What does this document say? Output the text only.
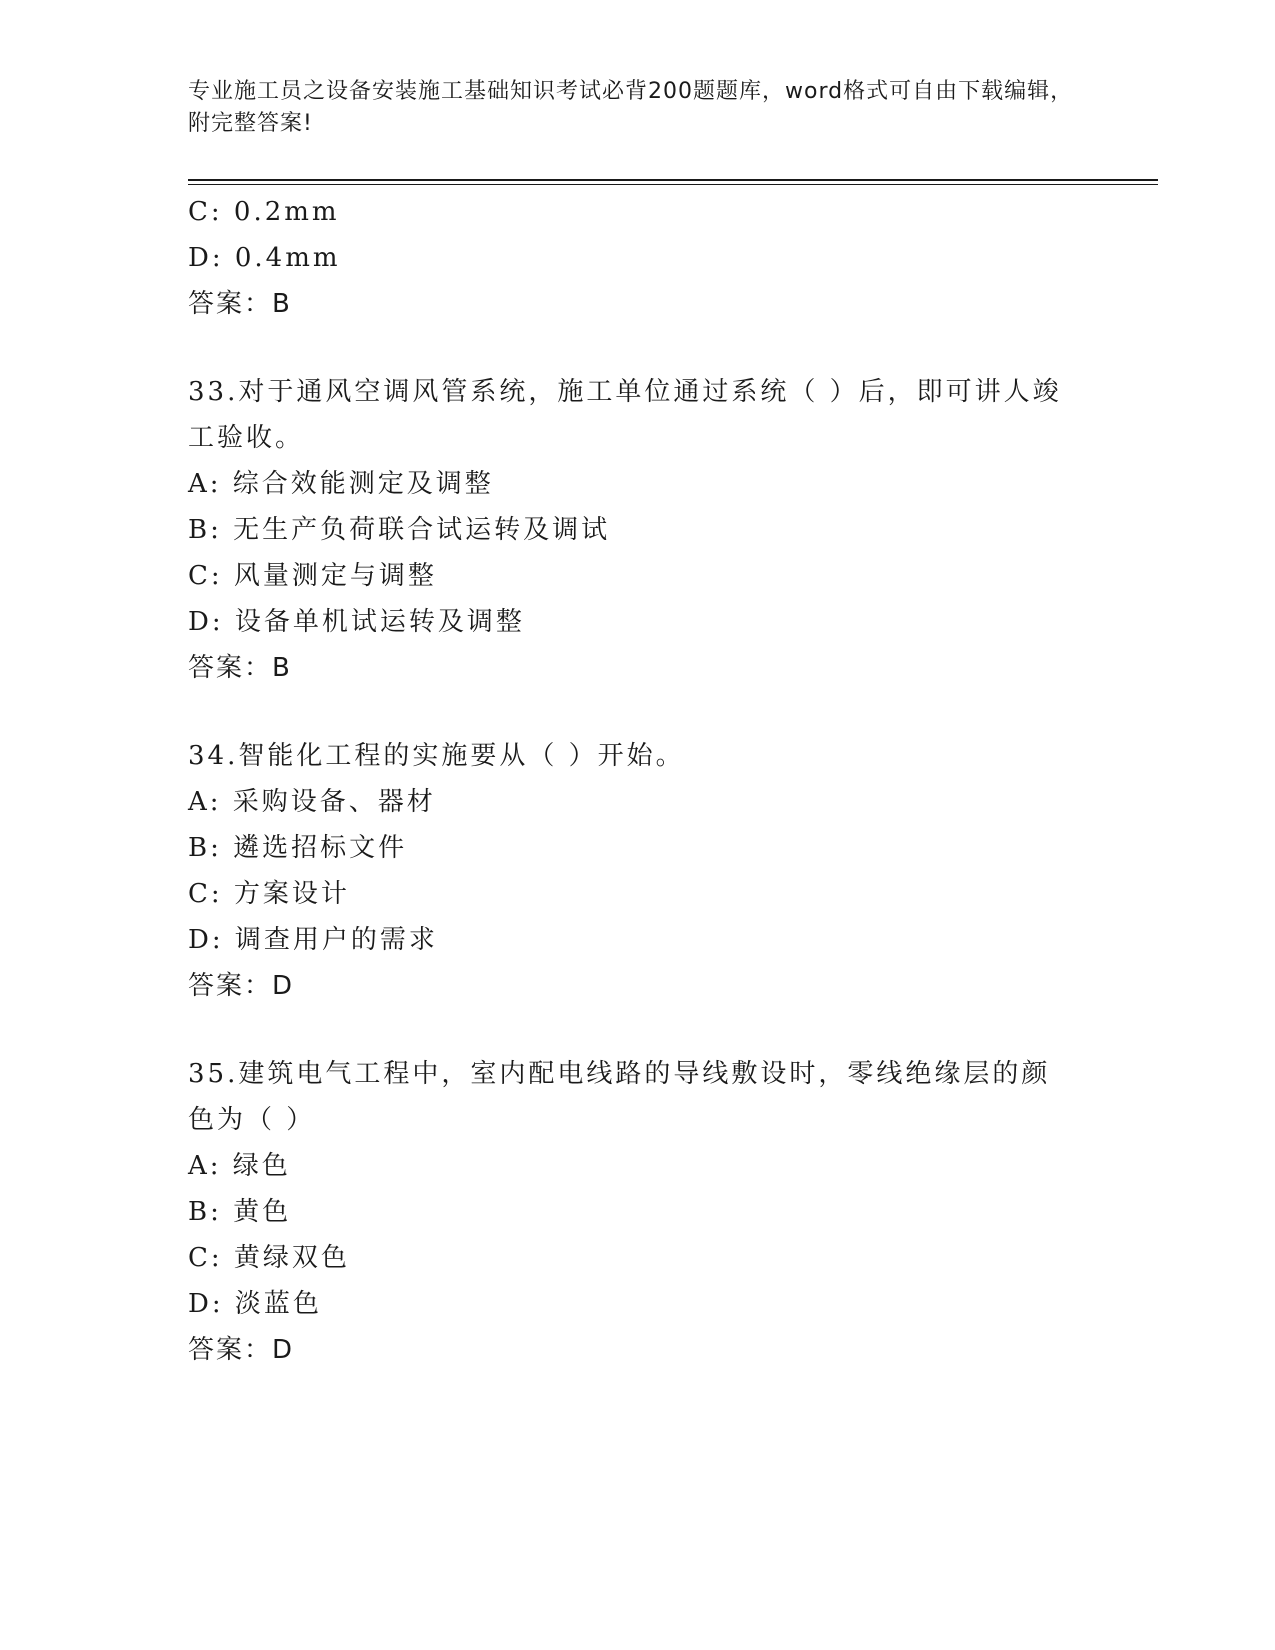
专业施工员之设备安装施工基础知识考试必背200题题库，word格式可自由下载编辑，附完整答案!

C: 0.2mm

D: 0.4mm

答案：B

33.对于通风空调风管系统，施工单位通过系统（ ）后，即可讲人竣工验收。

A: 综合效能测定及调整

B: 无生产负荷联合试运转及调试

C: 风量测定与调整

D: 设备单机试运转及调整

答案：B

34.智能化工程的实施要从（ ）开始。

A: 采购设备、器材

B: 遴选招标文件

C: 方案设计

D: 调查用户的需求

答案：D

35.建筑电气工程中，室内配电线路的导线敷设时，零线绝缘层的颜色为（ ）

A: 绿色

B: 黄色

C: 黄绿双色

D: 淡蓝色

答案：D
